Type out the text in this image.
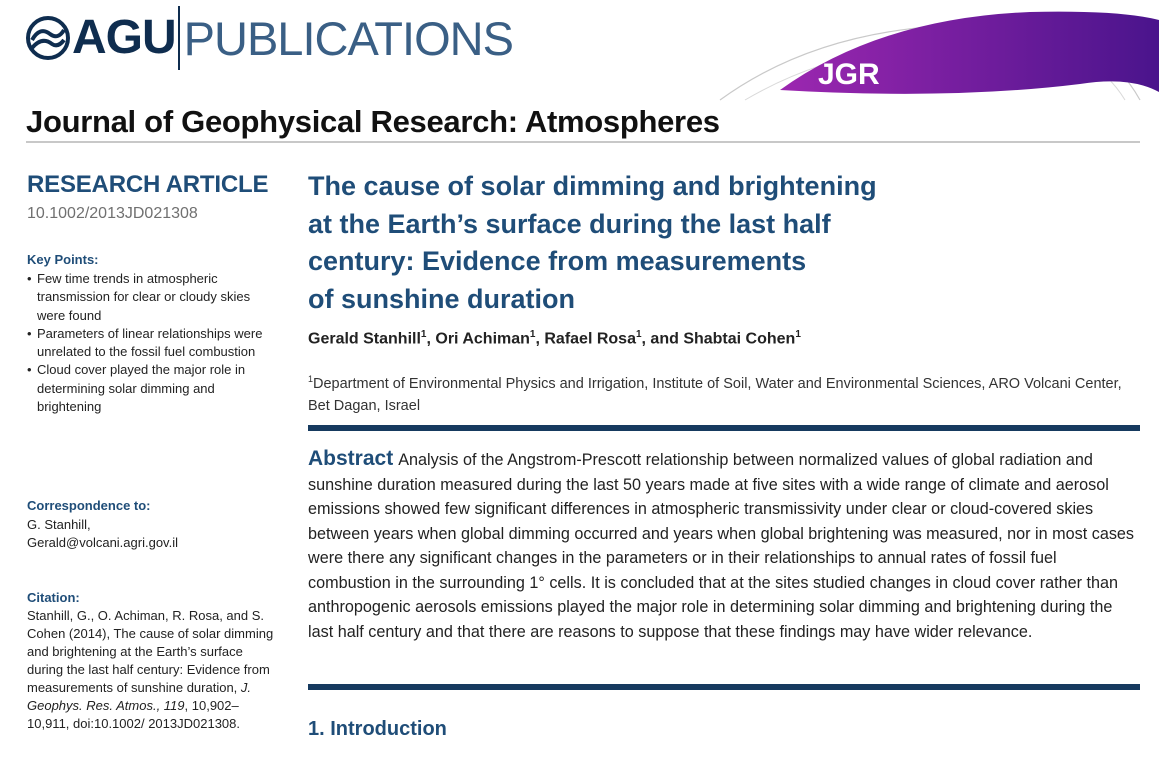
AGU PUBLICATIONS
JGR
Journal of Geophysical Research: Atmospheres
RESEARCH ARTICLE
10.1002/2013JD021308
Key Points:
• Few time trends in atmospheric transmission for clear or cloudy skies were found
• Parameters of linear relationships were unrelated to the fossil fuel combustion
• Cloud cover played the major role in determining solar dimming and brightening
Correspondence to:
G. Stanhill,
Gerald@volcani.agri.gov.il
Citation:
Stanhill, G., O. Achiman, R. Rosa, and S. Cohen (2014), The cause of solar dimming and brightening at the Earth’s surface during the last half century: Evidence from measurements of sunshine duration, J. Geophys. Res. Atmos., 119, 10,902–10,911, doi:10.1002/ 2013JD021308.
The cause of solar dimming and brightening
at the Earth’s surface during the last half
century: Evidence from measurements
of sunshine duration
Gerald Stanhill$^1$, Ori Achiman$^1$, Rafael Rosa$^1$, and Shabtai Cohen$^1$
$^1$Department of Environmental Physics and Irrigation, Institute of Soil, Water and Environmental Sciences, ARO Volcani Center, Bet Dagan, Israel

Abstract Analysis of the Angstrom-Prescott relationship between normalized values of global radiation and sunshine duration measured during the last 50 years made at five sites with a wide range of climate and aerosol emissions showed few significant differences in atmospheric transmissivity under clear or cloud-covered skies between years when global dimming occurred and years when global brightening was measured, nor in most cases were there any significant changes in the parameters or in their relationships to annual rates of fossil fuel combustion in the surrounding 1° cells. It is concluded that at the sites studied changes in cloud cover rather than anthropogenic aerosols emissions played the major role in determining solar dimming and brightening during the last half century and that there are reasons to suppose that these findings may have wider relevance.

1. Introduction
